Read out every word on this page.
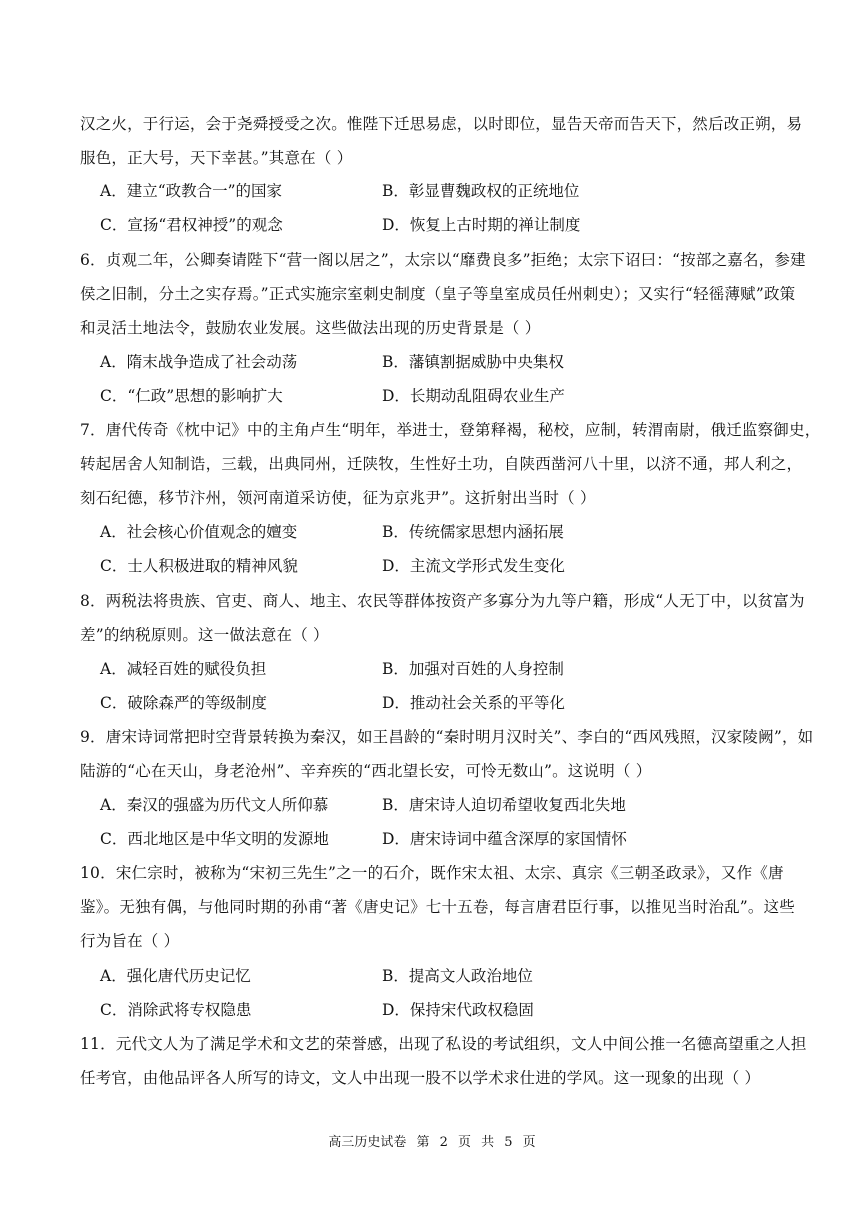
汉之火，于行运，会于尧舜授受之次。惟陛下迁思易虑，以时即位，显告天帝而告天下，然后改正朔，易
服色，正大号，天下幸甚。”其意在（ ）
A．建立“政教合一”的国家	B．彰显曹魏政权的正统地位
C．宣扬“君权神授”的观念	D．恢复上古时期的禅让制度
6．贞观二年，公卿奏请陛下“营一阁以居之”，太宗以“靡费良多”拒绝；太宗下诏曰：“按部之嘉名，参建
侯之旧制，分土之实存焉。”正式实施宗室刺史制度（皇子等皇室成员任州刺史）；又实行“轻徭薄赋”政策
和灵活土地法令，鼓励农业发展。这些做法出现的历史背景是（ ）
A．隋末战争造成了社会动荡	B．藩镇割据威胁中央集权
C．“仁政”思想的影响扩大	D．长期动乱阻碍农业生产
7．唐代传奇《枕中记》中的主角卢生“明年，举进士，登第释褐，秘校，应制，转渭南尉，俄迁监察御史，
转起居舍人知制诰，三载，出典同州，迁陕牧，生性好土功，自陕西凿河八十里，以济不通，邦人利之，
刻石纪德，移节汴州，领河南道采访使，征为京兆尹”。这折射出当时（ ）
A．社会核心价值观念的嬗变	B．传统儒家思想内涵拓展
C．士人积极进取的精神风貌	D．主流文学形式发生变化
8．两税法将贵族、官吏、商人、地主、农民等群体按资产多寡分为九等户籍，形成“人无丁中，以贫富为
差”的纳税原则。这一做法意在（ ）
A．减轻百姓的赋役负担	B．加强对百姓的人身控制
C．破除森严的等级制度	D．推动社会关系的平等化
9．唐宋诗词常把时空背景转换为秦汉，如王昌龄的“秦时明月汉时关”、李白的“西风残照，汉家陵阙”，如
陆游的“心在天山，身老沧州”、辛弃疾的“西北望长安，可怜无数山”。这说明（ ）
A．秦汉的强盛为历代文人所仰慕	B．唐宋诗人迫切希望收复西北失地
C．西北地区是中华文明的发源地	D．唐宋诗词中蕴含深厚的家国情怀
10．宋仁宗时，被称为“宋初三先生”之一的石介，既作宋太祖、太宗、真宗《三朝圣政录》，又作《唐
鉴》。无独有偶，与他同时期的孙甫“著《唐史记》七十五卷，每言唐君臣行事，以推见当时治乱”。这些
行为旨在（ ）
A．强化唐代历史记忆	B．提高文人政治地位
C．消除武将专权隐患	D．保持宋代政权稳固
11．元代文人为了满足学术和文艺的荣誉感，出现了私设的考试组织，文人中间公推一名德高望重之人担
任考官，由他品评各人所写的诗文，文人中出现一股不以学术求仕进的学风。这一现象的出现（ ）
高三历史试卷 第 2 页 共 5 页
